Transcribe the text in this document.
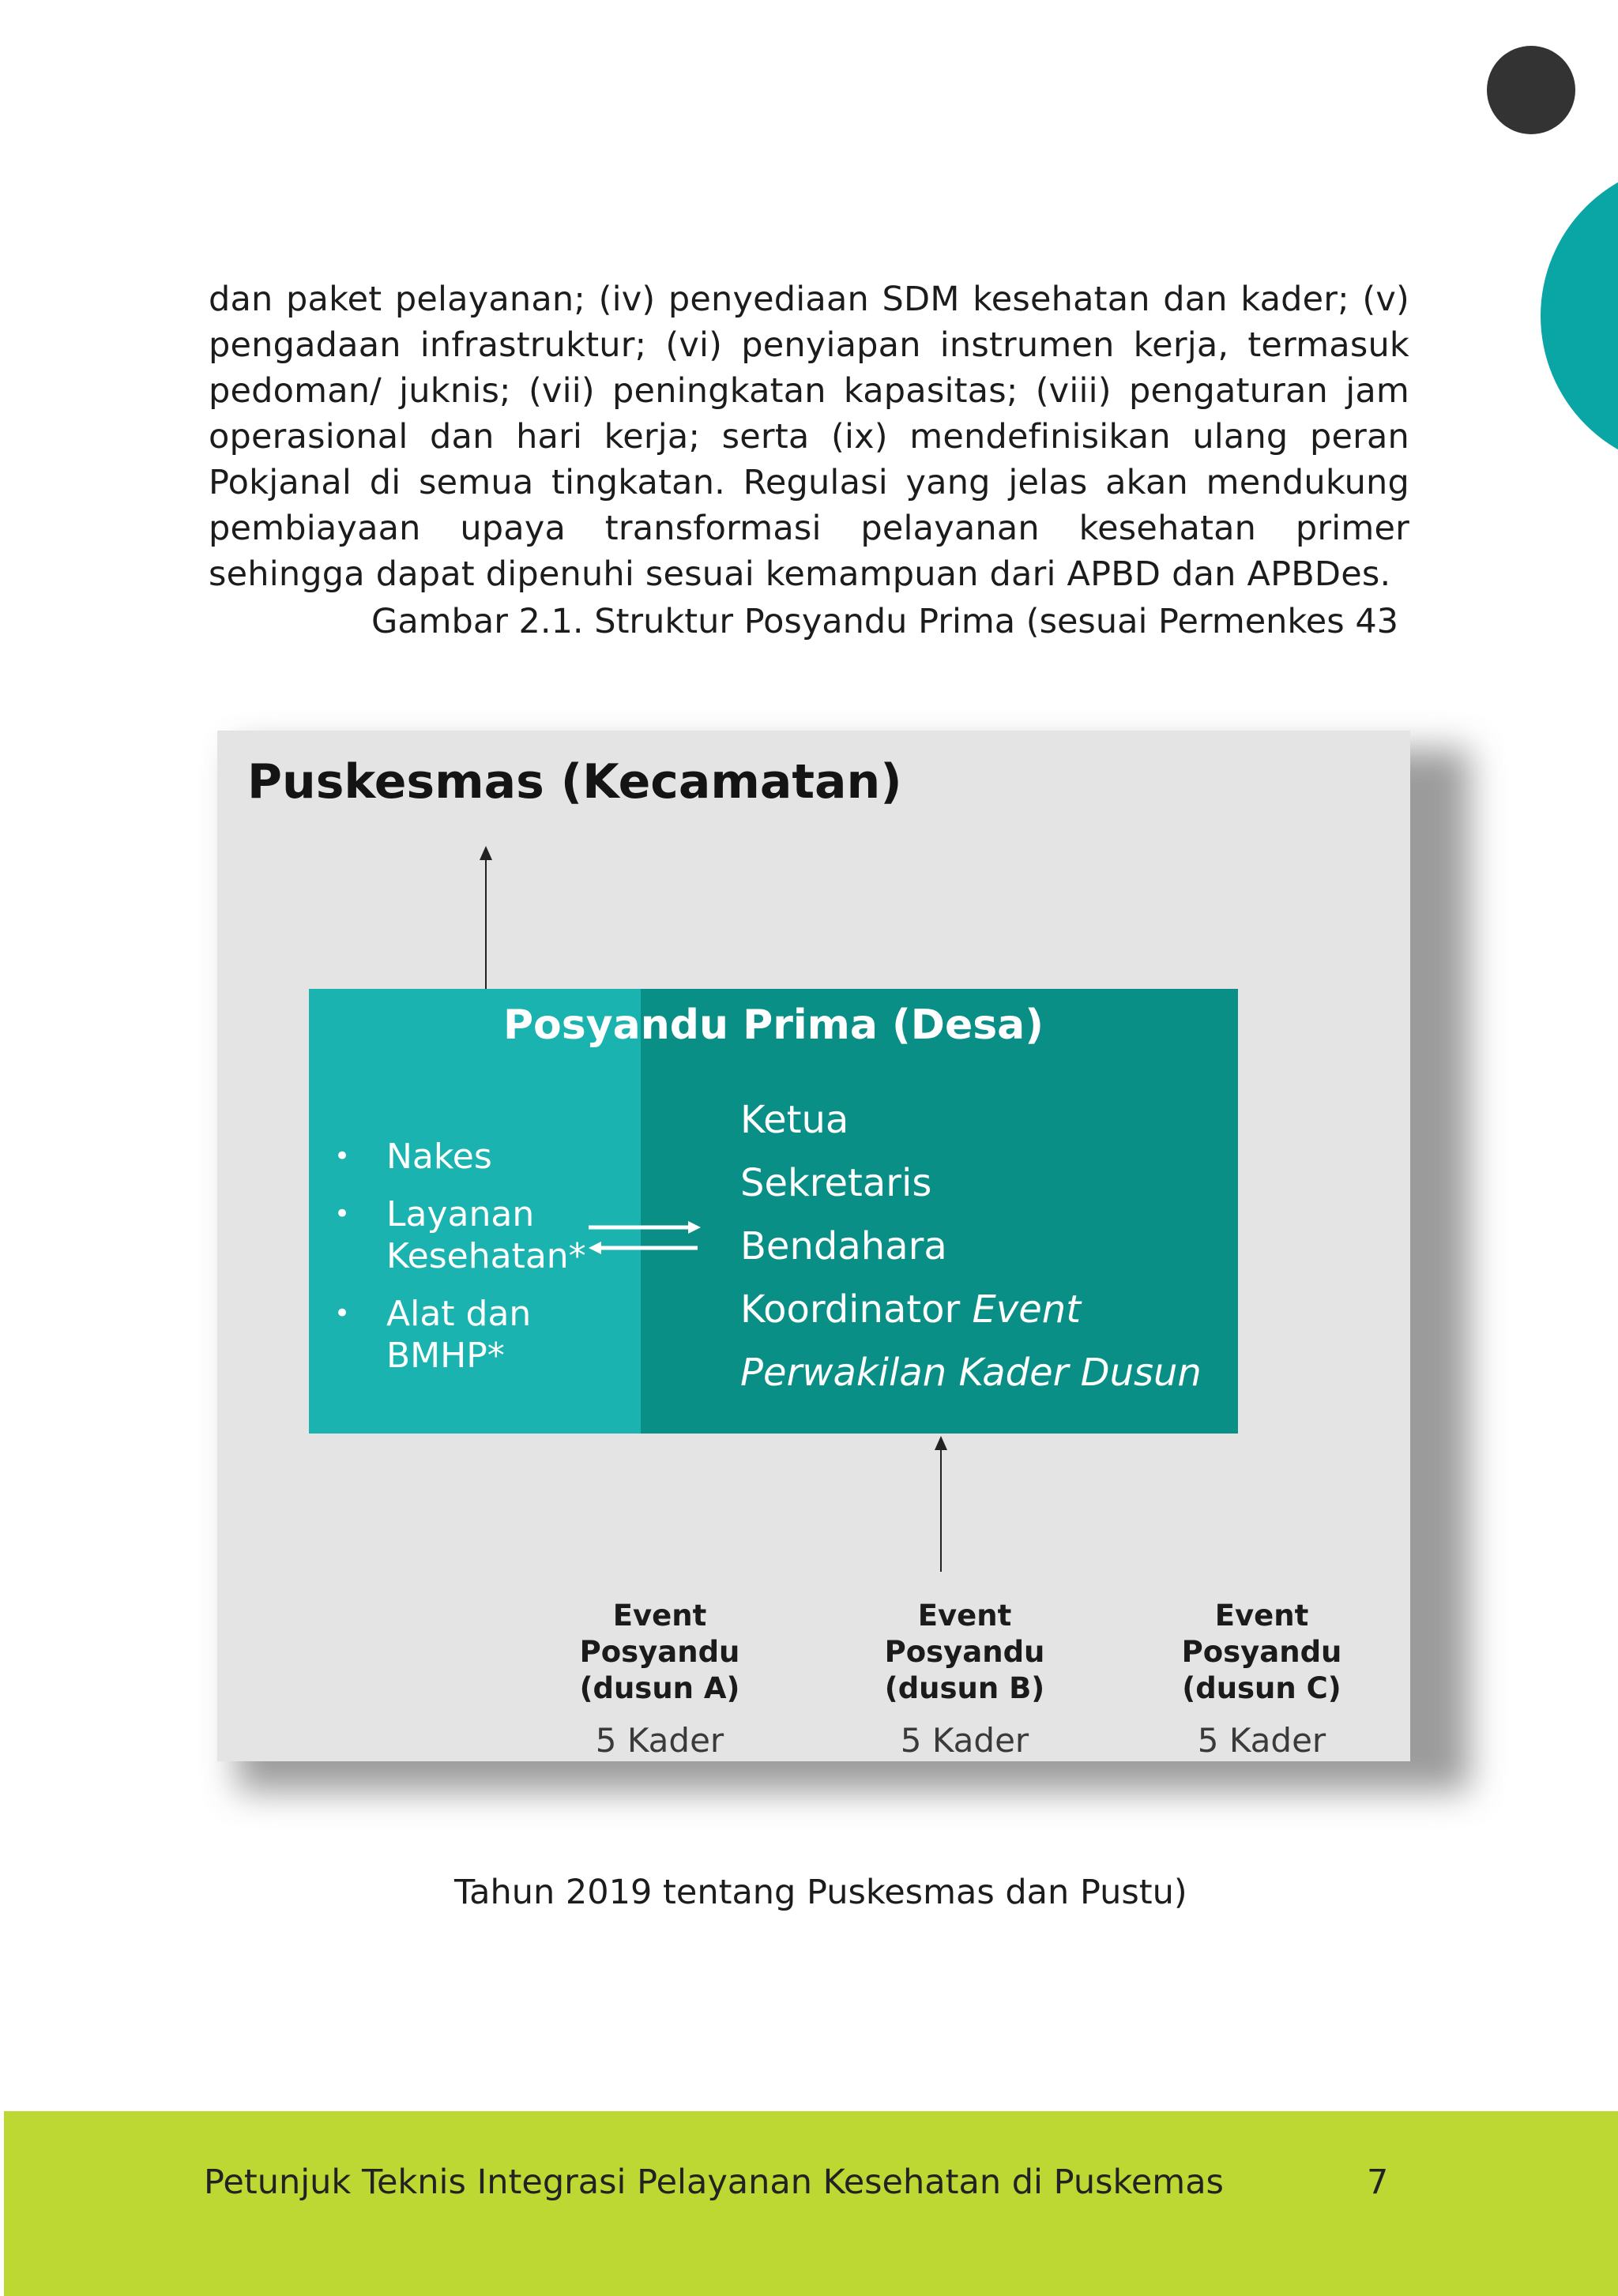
dan paket pelayanan; (iv) penyediaan SDM kesehatan dan kader; (v) pengadaan infrastruktur; (vi) penyiapan instrumen kerja, termasuk pedoman/ juknis; (vii) peningkatan kapasitas; (viii) pengaturan jam operasional dan hari kerja; serta (ix) mendefinisikan ulang peran Pokjanal di semua tingkatan. Regulasi yang jelas akan mendukung pembiayaan upaya transformasi pelayanan kesehatan primer sehingga dapat dipenuhi sesuai kemampuan dari APBD dan APBDes.

Gambar 2.1. Struktur Posyandu Prima (sesuai Permenkes 43

Puskesmas (Kecamatan)
Posyandu Prima (Desa)
• Nakes
• Layanan
Kesehatan*
• Alat dan
BMHP*
Ketua
Sekretaris
Bendahara
Koordinator Event
Perwakilan Kader Dusun

Event Posyandu
(dusun A)

5 Kader

Event Posyandu
(dusun B)

5 Kader

Event Posyandu
(dusun C)

5 Kader

Tahun 2019 tentang Puskesmas dan Pustu)

Petunjuk Teknis Integrasi Pelayanan Kesehatan di Puskemas	7
